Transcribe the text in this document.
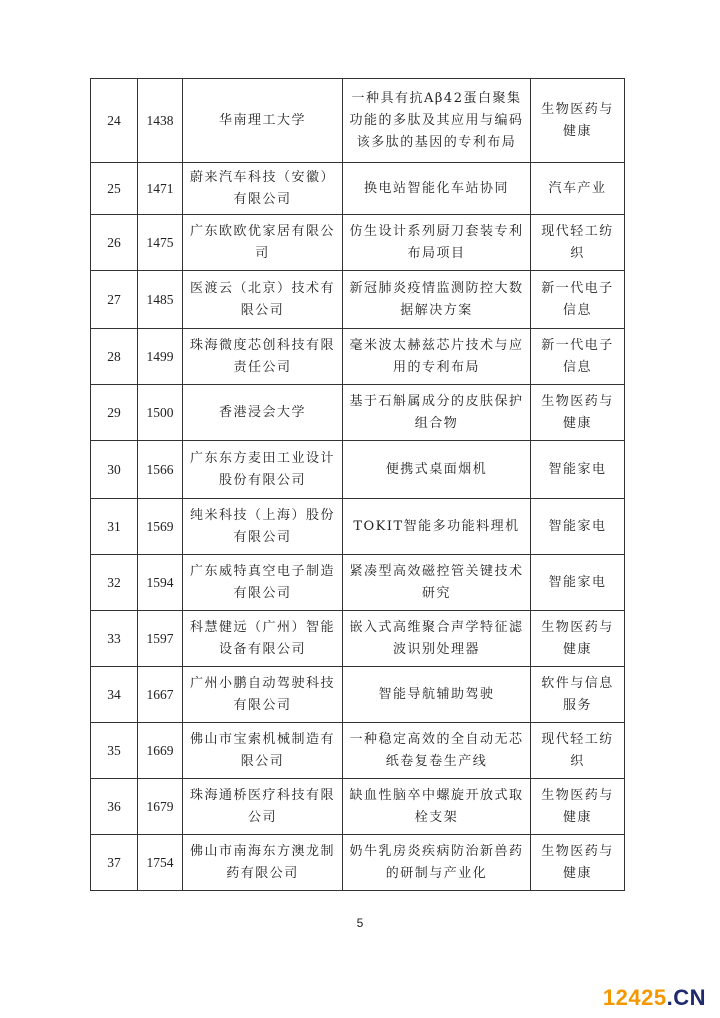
24	1438	华南理工大学	一种具有抗Aβ42蛋白聚集功能的多肽及其应用与编码该多肽的基因的专利布局	生物医药与健康
25	1471	蔚来汽车科技（安徽）有限公司	换电站智能化车站协同	汽车产业
26	1475	广东欧欧优家居有限公司	仿生设计系列厨刀套装专利布局项目	现代轻工纺织
27	1485	医渡云（北京）技术有限公司	新冠肺炎疫情监测防控大数据解决方案	新一代电子信息
28	1499	珠海微度芯创科技有限责任公司	毫米波太赫兹芯片技术与应用的专利布局	新一代电子信息
29	1500	香港浸会大学	基于石斛属成分的皮肤保护组合物	生物医药与健康
30	1566	广东东方麦田工业设计股份有限公司	便携式桌面烟机	智能家电
31	1569	纯米科技（上海）股份有限公司	TOKIT智能多功能料理机	智能家电
32	1594	广东威特真空电子制造有限公司	紧凑型高效磁控管关键技术研究	智能家电
33	1597	科慧健远（广州）智能设备有限公司	嵌入式高维聚合声学特征滤波识别处理器	生物医药与健康
34	1667	广州小鹏自动驾驶科技有限公司	智能导航辅助驾驶	软件与信息服务
35	1669	佛山市宝索机械制造有限公司	一种稳定高效的全自动无芯纸卷复卷生产线	现代轻工纺织
36	1679	珠海通桥医疗科技有限公司	缺血性脑卒中螺旋开放式取栓支架	生物医药与健康
37	1754	佛山市南海东方澳龙制药有限公司	奶牛乳房炎疾病防治新兽药的研制与产业化	生物医药与健康
5
12425.CN
